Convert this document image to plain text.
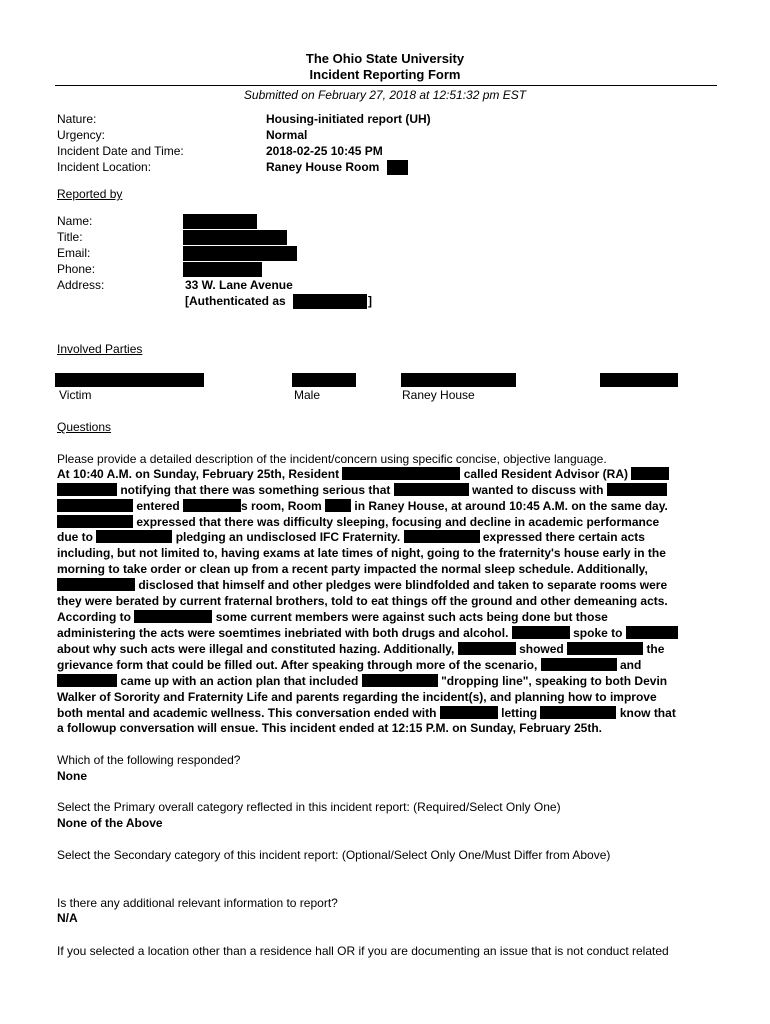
The Ohio State University
Incident Reporting Form
Submitted on February 27, 2018 at 12:51:32 pm EST
Nature:	Housing-initiated report (UH)
Urgency:	Normal
Incident Date and Time:	2018-02-25 10:45 PM
Incident Location:	Raney House Room
Reported by
Name:
Title:
Email:
Phone:
Address:	33 W. Lane Avenue
[Authenticated as	]
Involved Parties
Victim	Male	Raney House
Questions
Please provide a detailed description of the incident/concern using specific concise, objective language.
At 10:40 A.M. on Sunday, February 25th, Resident	called Resident Advisor (RA)
notifying that there was something serious that	wanted to discuss with
entered	s room, Room	in Raney House, at around 10:45 A.M. on the same day.
expressed that there was difficulty sleeping, focusing and decline in academic performance
due to	pledging an undisclosed IFC Fraternity.	expressed there certain acts
including, but not limited to, having exams at late times of night, going to the fraternity's house early in the
morning to take order or clean up from a recent party impacted the normal sleep schedule. Additionally,
disclosed that himself and other pledges were blindfolded and taken to separate rooms were
they were berated by current fraternal brothers, told to eat things off the ground and other demeaning acts.
According to	some current members were against such acts being done but those
administering the acts were soemtimes inebriated with both drugs and alcohol.	spoke to
about why such acts were illegal and constituted hazing. Additionally,	showed	the
grievance form that could be filled out. After speaking through more of the scenario,	and
came up with an action plan that included	"dropping line", speaking to both Devin
Walker of Sorority and Fraternity Life and parents regarding the incident(s), and planning how to improve
both mental and academic wellness. This conversation ended with	letting	know that
a followup conversation will ensue. This incident ended at 12:15 P.M. on Sunday, February 25th.
Which of the following responded?
None
Select the Primary overall category reflected in this incident report: (Required/Select Only One)
None of the Above
Select the Secondary category of this incident report: (Optional/Select Only One/Must Differ from Above)
Is there any additional relevant information to report?
N/A
If you selected a location other than a residence hall OR if you are documenting an issue that is not conduct related
